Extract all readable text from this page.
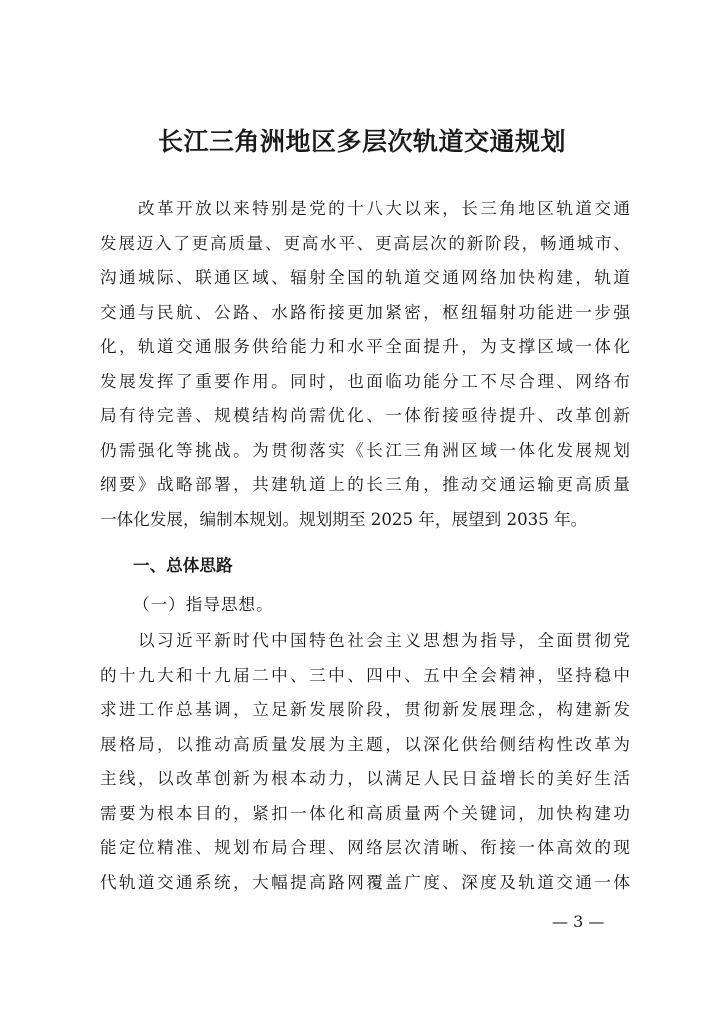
长江三角洲地区多层次轨道交通规划
　　改革开放以来特别是党的十八大以来，长三角地区轨道交通
发展迈入了更高质量、更高水平、更高层次的新阶段，畅通城市、
沟通城际、联通区域、辐射全国的轨道交通网络加快构建，轨道
交通与民航、公路、水路衔接更加紧密，枢纽辐射功能进一步强
化，轨道交通服务供给能力和水平全面提升，为支撑区域一体化
发展发挥了重要作用。同时，也面临功能分工不尽合理、网络布
局有待完善、规模结构尚需优化、一体衔接亟待提升、改革创新
仍需强化等挑战。为贯彻落实《长江三角洲区域一体化发展规划
纲要》战略部署，共建轨道上的长三角，推动交通运输更高质量
一体化发展，编制本规划。规划期至 2025 年，展望到 2035 年。
一、总体思路
（一）指导思想。
　　以习近平新时代中国特色社会主义思想为指导，全面贯彻党
的十九大和十九届二中、三中、四中、五中全会精神，坚持稳中
求进工作总基调，立足新发展阶段，贯彻新发展理念，构建新发
展格局，以推动高质量发展为主题，以深化供给侧结构性改革为
主线，以改革创新为根本动力，以满足人民日益增长的美好生活
需要为根本目的，紧扣一体化和高质量两个关键词，加快构建功
能定位精准、规划布局合理、网络层次清晰、衔接一体高效的现
代轨道交通系统，大幅提高路网覆盖广度、深度及轨道交通一体
— 3 —
